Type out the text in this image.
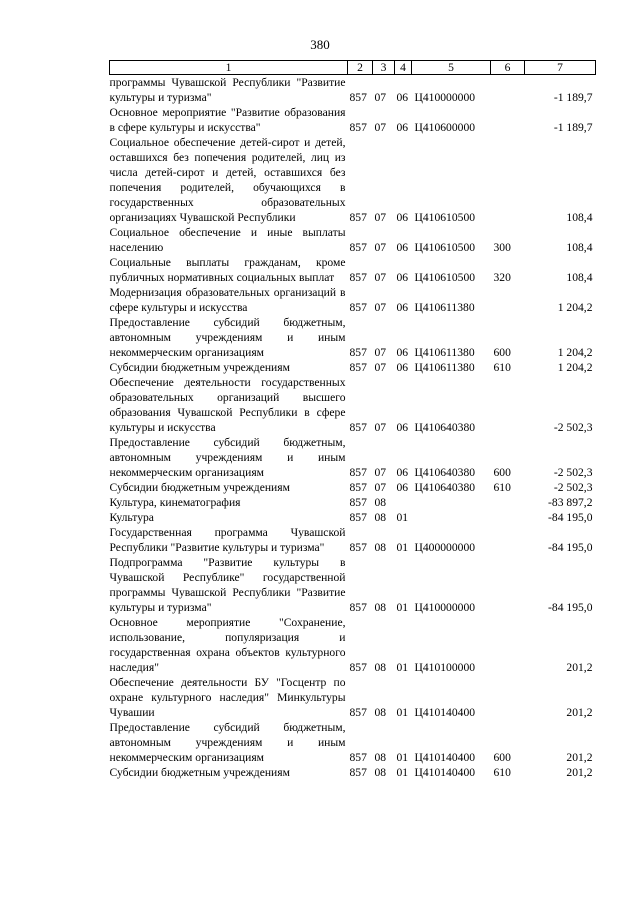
380
1	2	3	4	5	6	7
программы Чувашской Республики "Развитие культуры и туризма"	857	07	06	Ц410000000		-1 189,7
Основное мероприятие "Развитие образования в сфере культуры и искусства"	857	07	06	Ц410600000		-1 189,7
Социальное обеспечение детей-сирот и детей, оставшихся без попечения родителей, лиц из числа детей-сирот и детей, оставшихся без попечения родителей, обучающихся в государственных образовательных организациях Чувашской Республики	857	07	06	Ц410610500		108,4
Социальное обеспечение и иные выплаты населению	857	07	06	Ц410610500	300	108,4
Социальные выплаты гражданам, кроме публичных нормативных социальных выплат	857	07	06	Ц410610500	320	108,4
Модернизация образовательных организаций в сфере культуры и искусства	857	07	06	Ц410611380		1 204,2
Предоставление субсидий бюджетным, автономным учреждениям и иным некоммерческим организациям	857	07	06	Ц410611380	600	1 204,2
Субсидии бюджетным учреждениям	857	07	06	Ц410611380	610	1 204,2
Обеспечение деятельности государственных образовательных организаций высшего образования Чувашской Республики в сфере культуры и искусства	857	07	06	Ц410640380		-2 502,3
Предоставление субсидий бюджетным, автономным учреждениям и иным некоммерческим организациям	857	07	06	Ц410640380	600	-2 502,3
Субсидии бюджетным учреждениям	857	07	06	Ц410640380	610	-2 502,3
Культура, кинематография	857	08				-83 897,2
Культура	857	08	01			-84 195,0
Государственная программа Чувашской Республики "Развитие культуры и туризма"	857	08	01	Ц400000000		-84 195,0
Подпрограмма "Развитие культуры в Чувашской Республике" государственной программы Чувашской Республики "Развитие культуры и туризма"	857	08	01	Ц410000000		-84 195,0
Основное мероприятие "Сохранение, использование, популяризация и государственная охрана объектов культурного наследия"	857	08	01	Ц410100000		201,2
Обеспечение деятельности БУ "Госцентр по охране культурного наследия" Минкультуры Чувашии	857	08	01	Ц410140400		201,2
Предоставление субсидий бюджетным, автономным учреждениям и иным некоммерческим организациям	857	08	01	Ц410140400	600	201,2
Субсидии бюджетным учреждениям	857	08	01	Ц410140400	610	201,2
